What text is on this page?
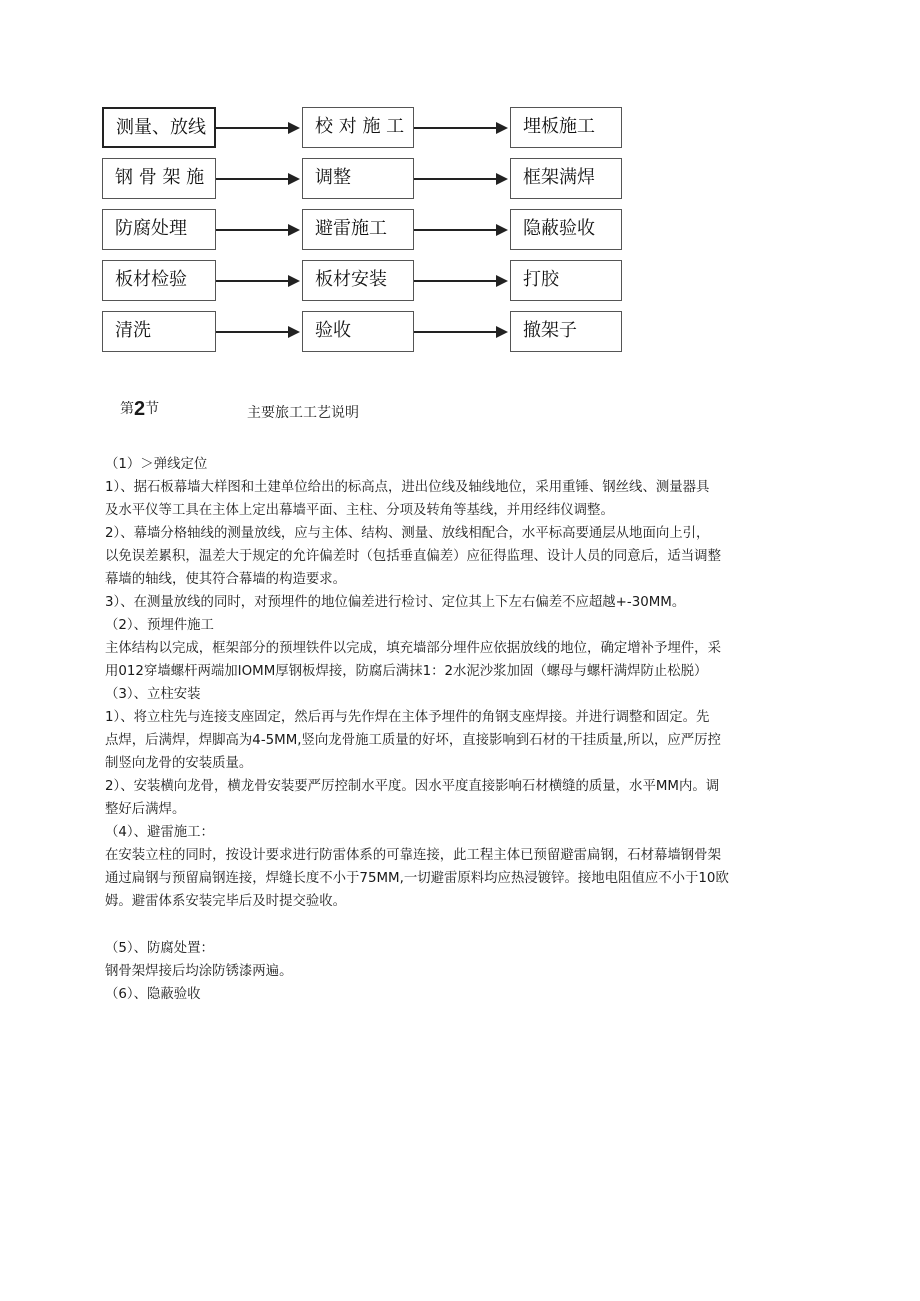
测量、放线	校 对 施 工	埋板施工
钢 骨 架 施	调整	框架满焊
防腐处理	避雷施工	隐蔽验收
板材检验	板材安装	打胶
清洗	验收	撤架子
第2节	主要旅工工艺说明
（1）＞弹线定位
1）、据石板幕墙大样图和土建单位给出的标高点，进出位线及轴线地位，采用重锤、钢丝线、测量器具
及水平仪等工具在主体上定出幕墙平面、主柱、分项及转角等基线，并用经纬仪调整。
2）、幕墙分格轴线的测量放线，应与主体、结构、测量、放线相配合，水平标高要通层从地面向上引，
以免误差累积，温差大于规定的允许偏差时（包括垂直偏差）应征得监理、设计人员的同意后，适当调整
幕墙的轴线，使其符合幕墙的构造要求。
3）、在测量放线的同时，对预埋件的地位偏差进行检讨、定位其上下左右偏差不应超越+-30MM。
（2）、预埋件施工
主体结构以完成，框架部分的预埋铁件以完成，填充墙部分埋件应依据放线的地位，确定增补予埋件，采
用012穿墙螺杆两端加IOMM厚钢板焊接，防腐后满抹1：2水泥沙浆加固（螺母与螺杆满焊防止松脱）
（3）、立柱安装
1）、将立柱先与连接支座固定，然后再与先作焊在主体予埋件的角钢支座焊接。并进行调整和固定。先
点焊，后满焊，焊脚高为4-5MM,竖向龙骨施工质量的好坏，直接影响到石材的干挂质量,所以，应严厉控
制竖向龙骨的安装质量。
2）、安装横向龙骨，横龙骨安装要严厉控制水平度。因水平度直接影响石材横缝的质量，水平MM内。调
整好后满焊。
（4）、避雷施工：
在安装立柱的同时，按设计要求进行防雷体系的可靠连接，此工程主体已预留避雷扁钢，石材幕墙钢骨架
通过扁钢与预留扁钢连接，焊缝长度不小于75MM,一切避雷原料均应热浸镀锌。接地电阻值应不小于10欧
姆。避雷体系安装完毕后及时提交验收。
（5）、防腐处置：
钢骨架焊接后均涂防锈漆两遍。
（6）、隐蔽验收
